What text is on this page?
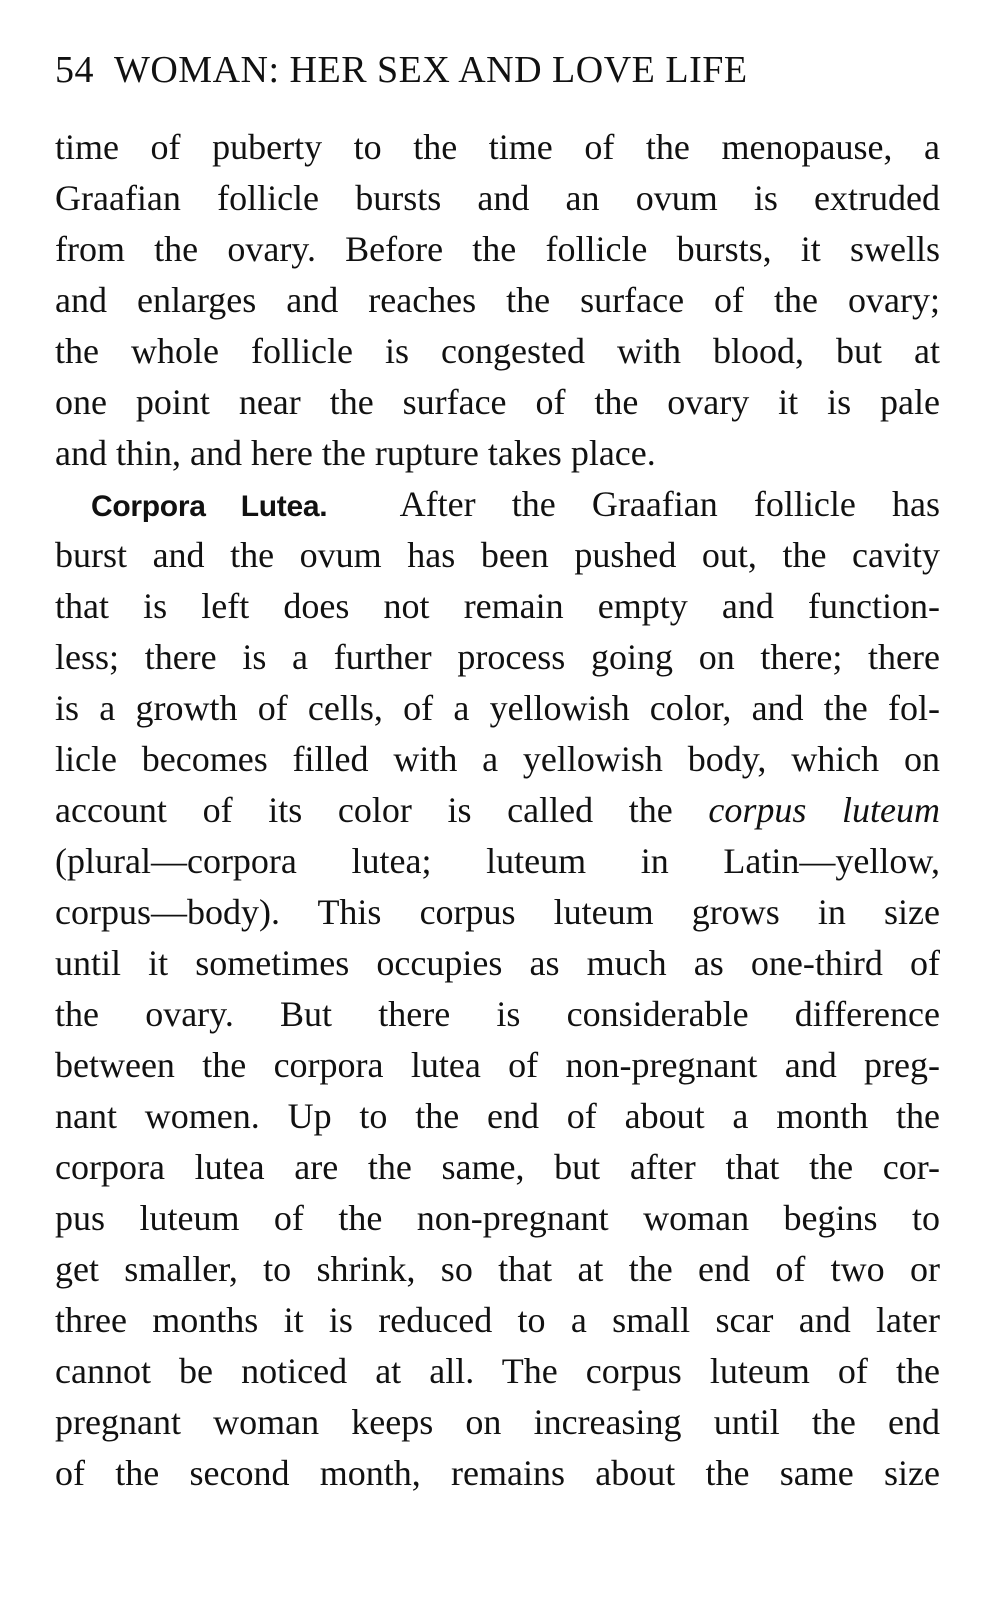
54 WOMAN: HER SEX AND LOVE LIFE
time of puberty to the time of the menopause, a
Graafian follicle bursts and an ovum is extruded
from the ovary. Before the follicle bursts, it swells
and enlarges and reaches the surface of the ovary;
the whole follicle is congested with blood, but at
one point near the surface of the ovary it is pale
and thin, and here the rupture takes place.
Corpora Lutea. After the Graafian follicle has
burst and the ovum has been pushed out, the cavity
that is left does not remain empty and function-
less; there is a further process going on there; there
is a growth of cells, of a yellowish color, and the fol-
licle becomes filled with a yellowish body, which on
account of its color is called the corpus luteum
(plural—corpora lutea; luteum in Latin—yellow,
corpus—body). This corpus luteum grows in size
until it sometimes occupies as much as one-third of
the ovary. But there is considerable difference
between the corpora lutea of non-pregnant and preg-
nant women. Up to the end of about a month the
corpora lutea are the same, but after that the cor-
pus luteum of the non-pregnant woman begins to
get smaller, to shrink, so that at the end of two or
three months it is reduced to a small scar and later
cannot be noticed at all. The corpus luteum of the
pregnant woman keeps on increasing until the end
of the second month, remains about the same size
